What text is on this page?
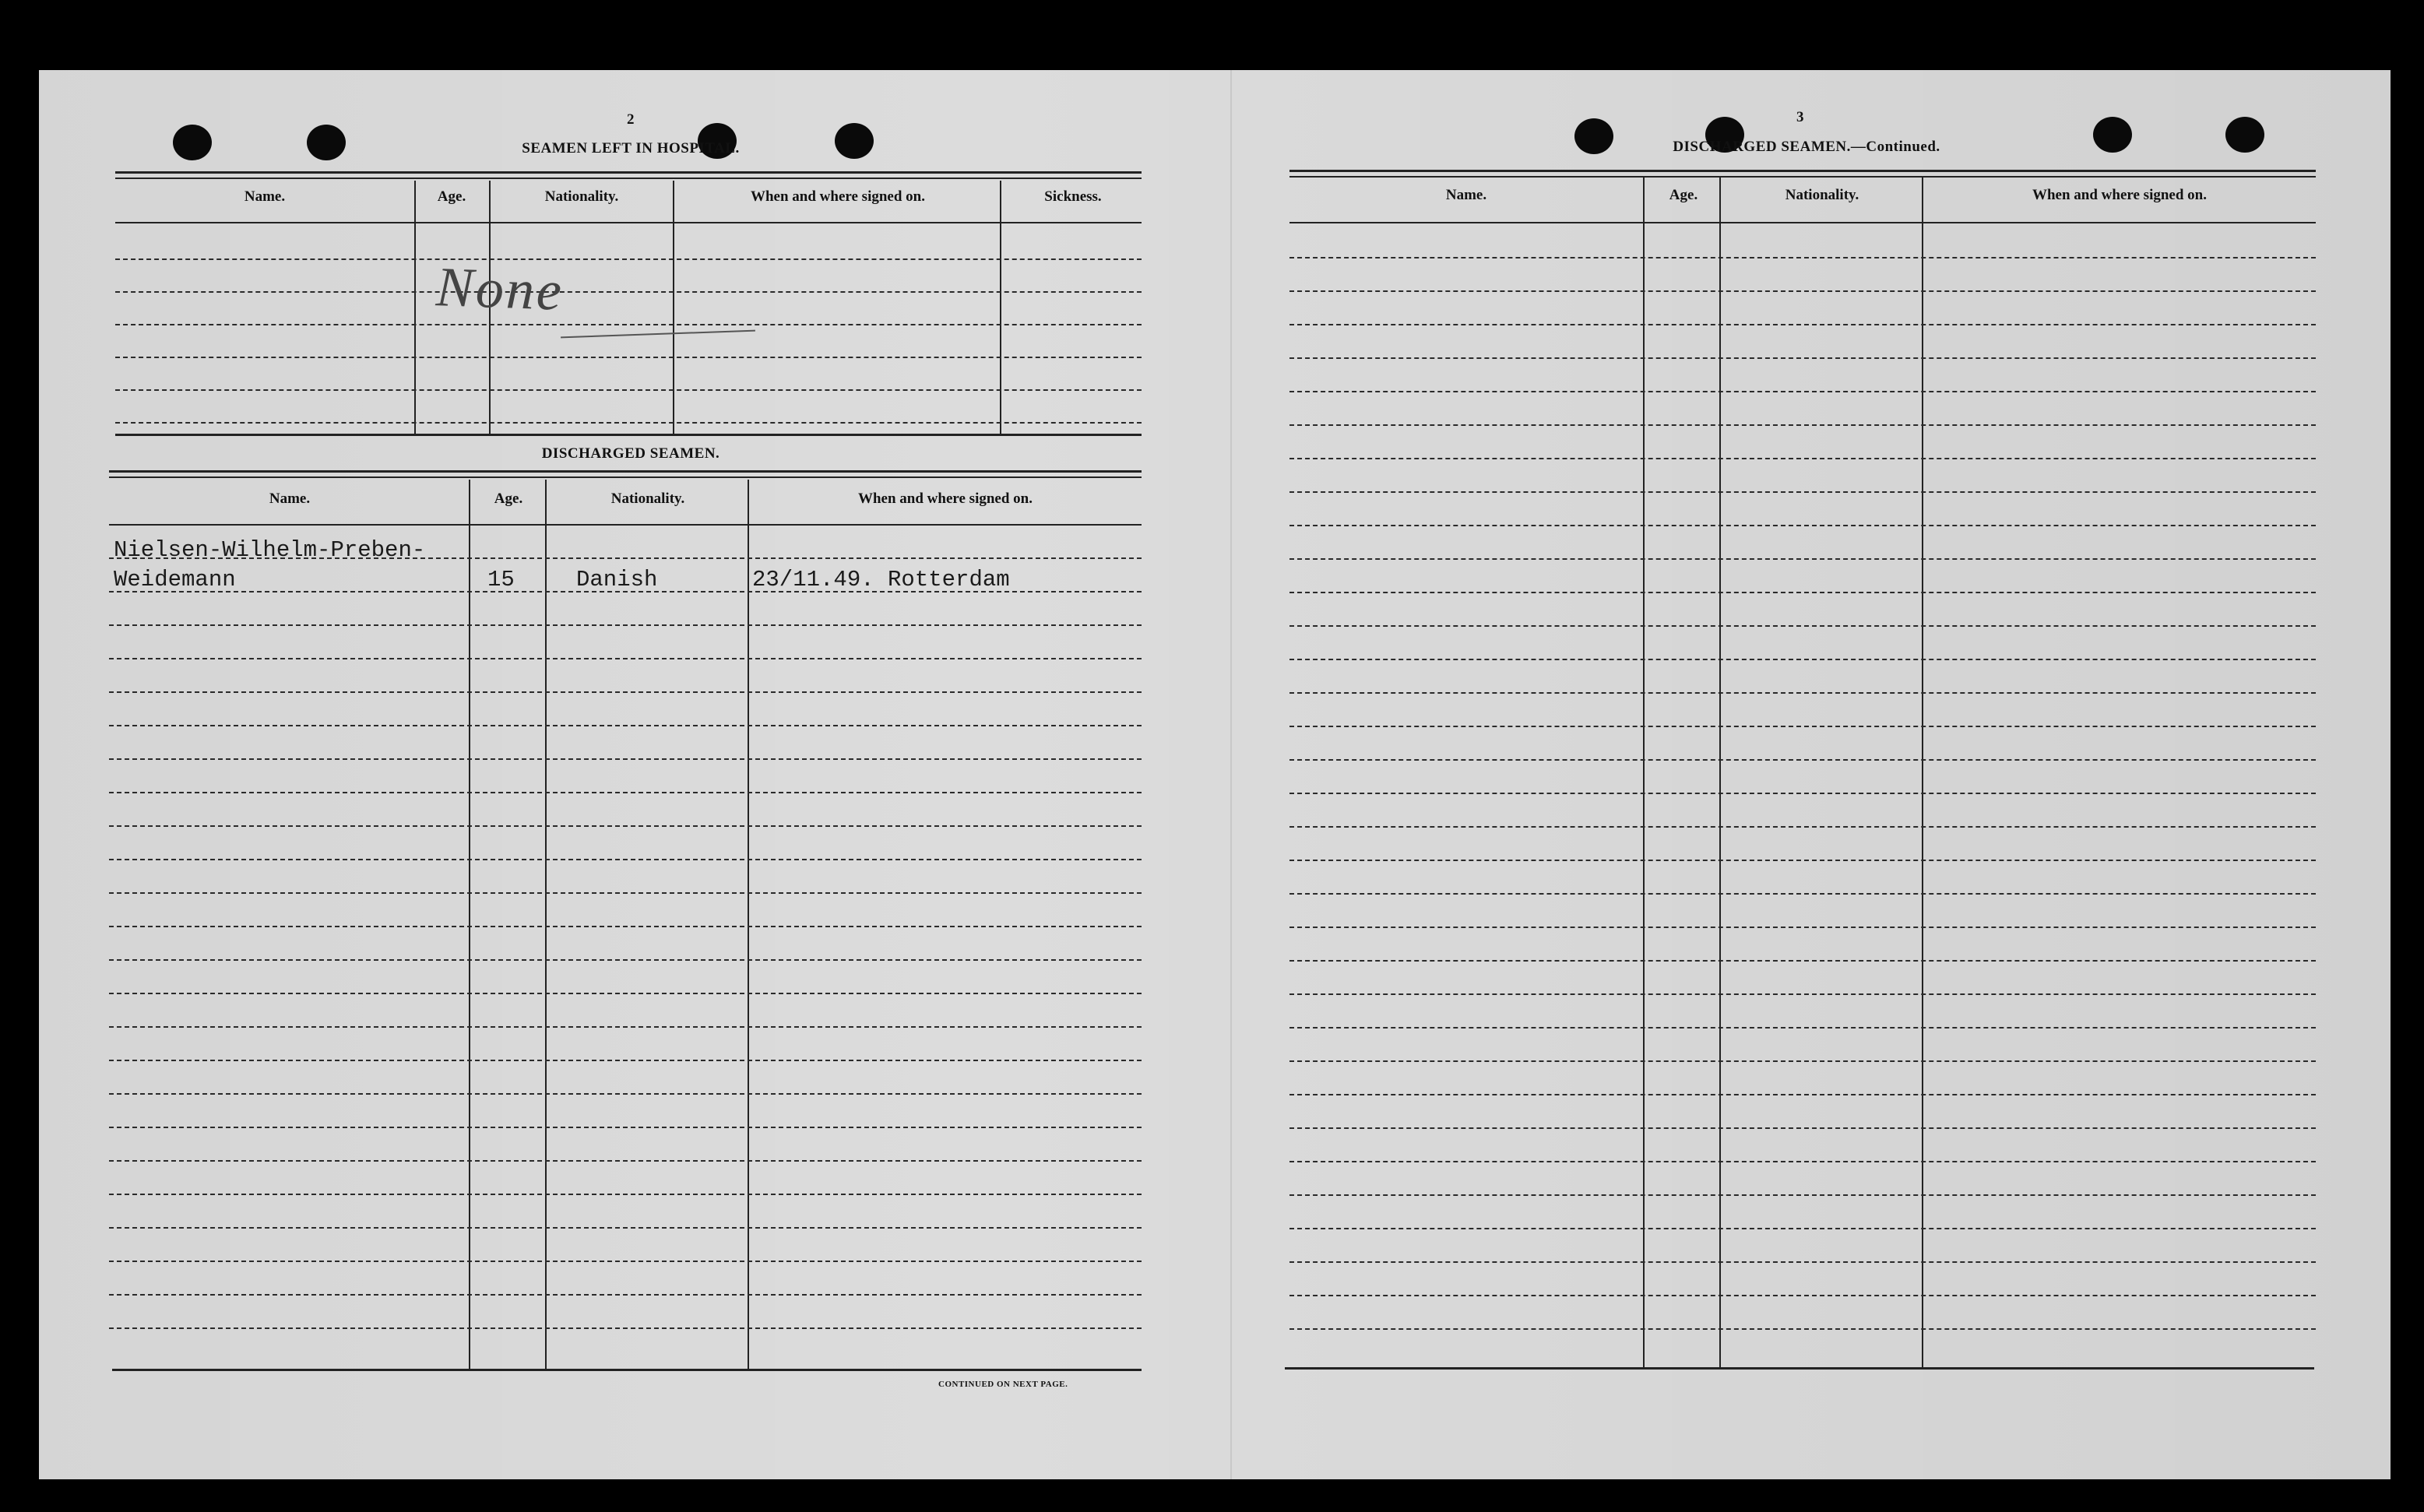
2
SEAMEN LEFT IN HOSPITAL.
Name.	Age.	Nationality.	When and where signed on.	Sickness.
None
DISCHARGED SEAMEN.
Name.	Age.	Nationality.	When and where signed on.
Nielsen-Wilhelm-Preben-
Weidemann	15	Danish	23/11.49. Rotterdam
CONTINUED ON NEXT PAGE.
3
DISCHARGED SEAMEN.—Continued.
Name.	Age.	Nationality.	When and where signed on.
